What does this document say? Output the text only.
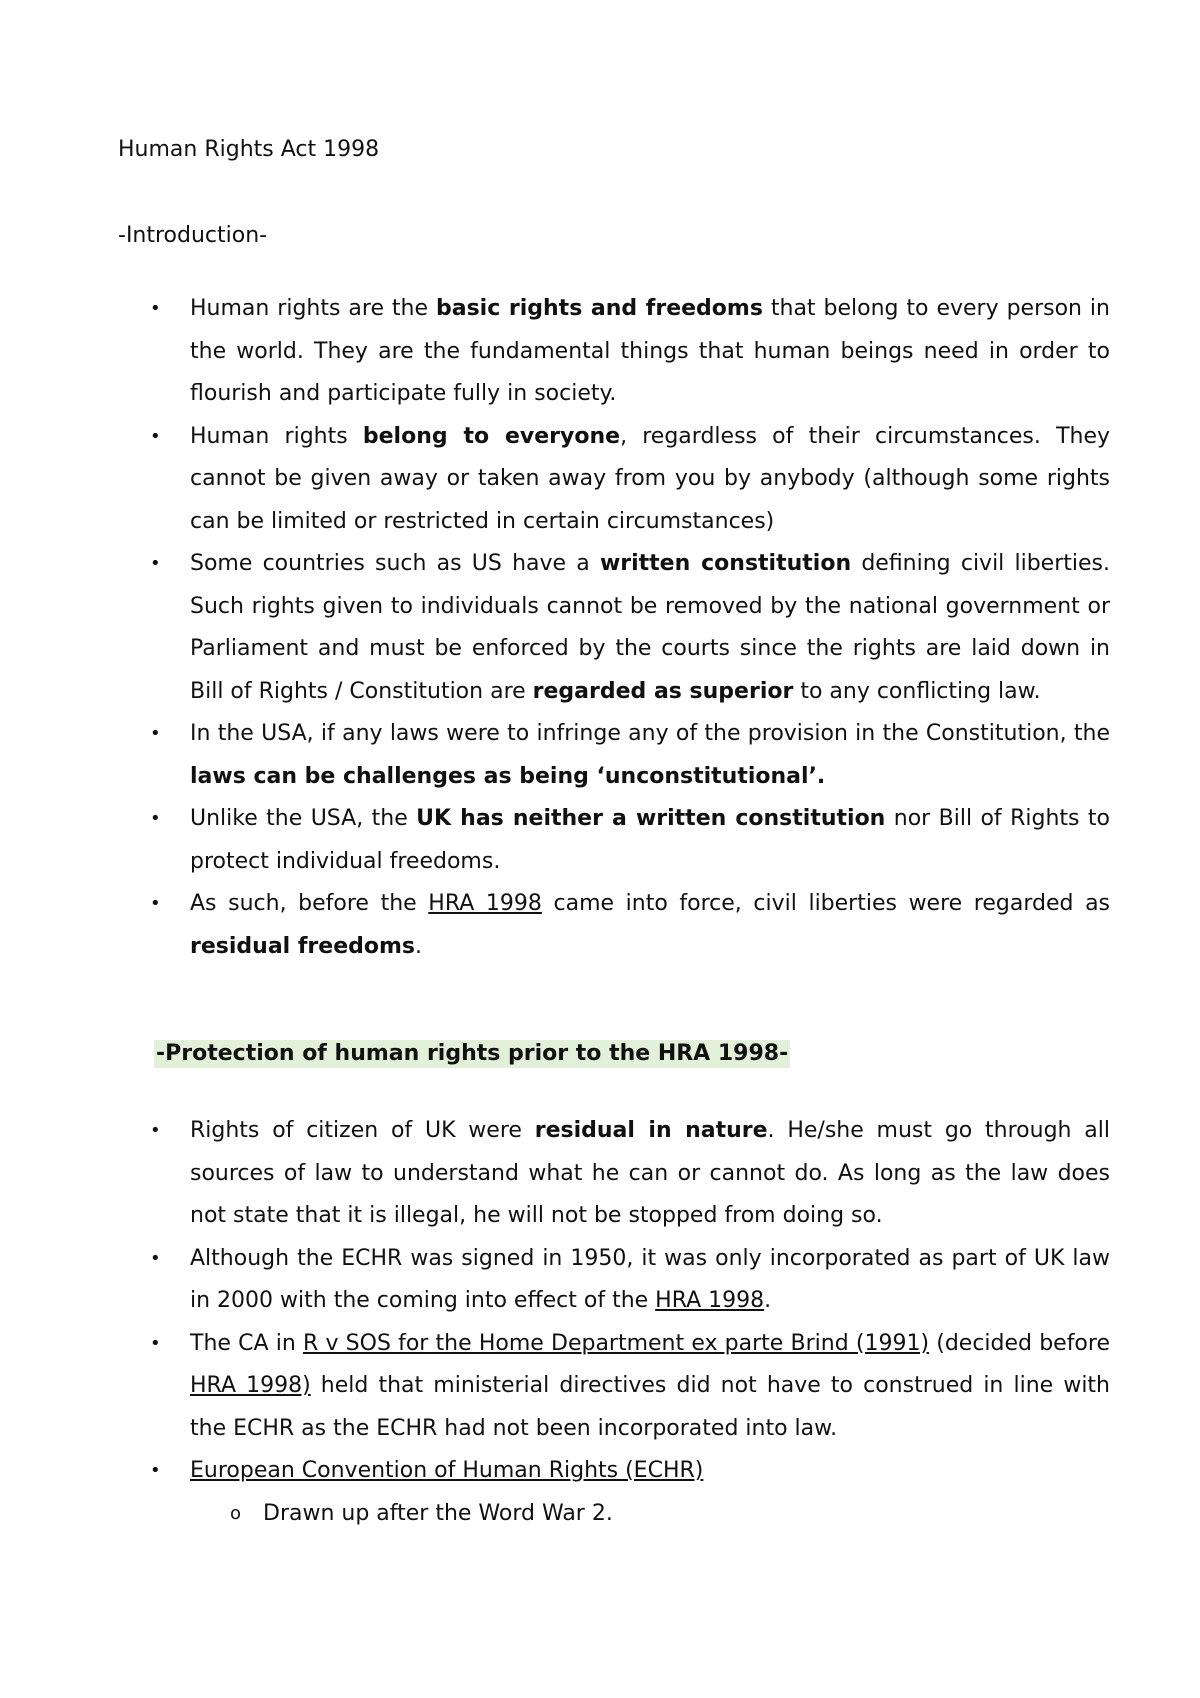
Human Rights Act 1998
-Introduction-
• Human rights are the basic rights and freedoms that belong to every person in the world. They are the fundamental things that human beings need in order to flourish and participate fully in society.
• Human rights belong to everyone, regardless of their circumstances. They cannot be given away or taken away from you by anybody (although some rights can be limited or restricted in certain circumstances)
• Some countries such as US have a written constitution defining civil liberties. Such rights given to individuals cannot be removed by the national government or Parliament and must be enforced by the courts since the rights are laid down in Bill of Rights / Constitution are regarded as superior to any conflicting law.
• In the USA, if any laws were to infringe any of the provision in the Constitution, the laws can be challenges as being ‘unconstitutional’.
• Unlike the USA, the UK has neither a written constitution nor Bill of Rights to protect individual freedoms.
• As such, before the HRA 1998 came into force, civil liberties were regarded as residual freedoms.
-Protection of human rights prior to the HRA 1998-
• Rights of citizen of UK were residual in nature. He/she must go through all sources of law to understand what he can or cannot do. As long as the law does not state that it is illegal, he will not be stopped from doing so.
• Although the ECHR was signed in 1950, it was only incorporated as part of UK law in 2000 with the coming into effect of the HRA 1998.
• The CA in R v SOS for the Home Department ex parte Brind (1991) (decided before HRA 1998) held that ministerial directives did not have to construed in line with the ECHR as the ECHR had not been incorporated into law.
• European Convention of Human Rights (ECHR)
o Drawn up after the Word War 2.
